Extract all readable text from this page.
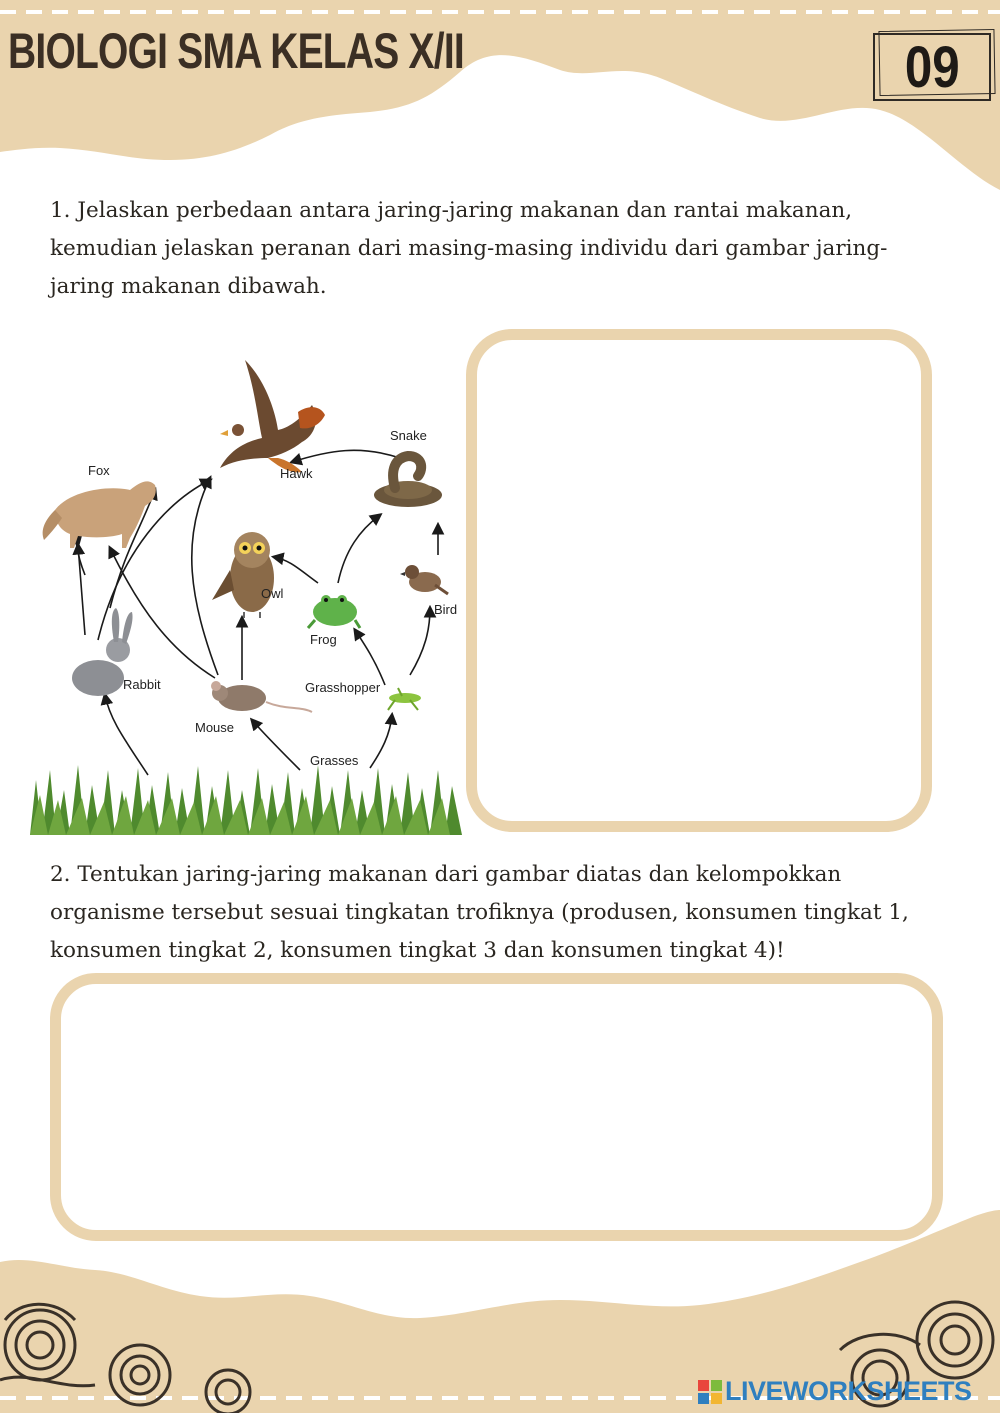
BIOLOGI SMA KELAS X/II	09
1. Jelaskan perbedaan antara jaring-jaring makanan dan rantai makanan,
kemudian jelaskan peranan dari masing-masing individu dari gambar jaring-
jaring makanan dibawah.
Fox	Hawk
Snake
Owl
Frog
Bird
Rabbit	Grasshopper
Mouse
Grasses
2. Tentukan jaring-jaring makanan dari gambar diatas dan kelompokkan
organisme tersebut sesuai tingkatan trofiknya (produsen, konsumen tingkat 1,
konsumen tingkat 2, konsumen tingkat 3 dan konsumen tingkat 4)!
LIVEWORKSHEETS
